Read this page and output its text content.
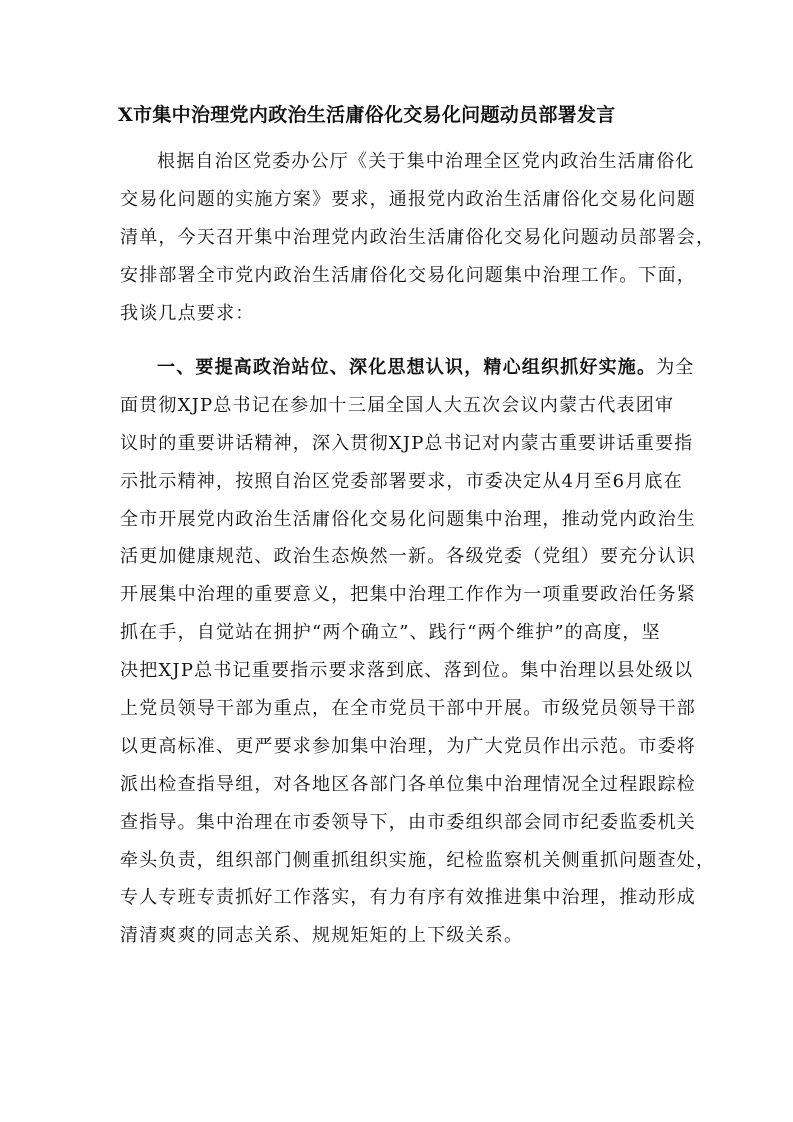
X市集中治理党内政治生活庸俗化交易化问题动员部署发言
根据自治区党委办公厅《关于集中治理全区党内政治生活庸俗化
交易化问题的实施方案》要求，通报党内政治生活庸俗化交易化问题
清单，今天召开集中治理党内政治生活庸俗化交易化问题动员部署会，
安排部署全市党内政治生活庸俗化交易化问题集中治理工作。下面，
我谈几点要求：
一、要提高政治站位、深化思想认识，精心组织抓好实施。为全
面贯彻XJP总书记在参加十三届全国人大五次会议内蒙古代表团审
议时的重要讲话精神，深入贯彻XJP总书记对内蒙古重要讲话重要指
示批示精神，按照自治区党委部署要求，市委决定从4月至6月底在
全市开展党内政治生活庸俗化交易化问题集中治理，推动党内政治生
活更加健康规范、政治生态焕然一新。各级党委（党组）要充分认识
开展集中治理的重要意义，把集中治理工作作为一项重要政治任务紧
抓在手，自觉站在拥护“两个确立”、践行“两个维护”的高度，坚
决把XJP总书记重要指示要求落到底、落到位。集中治理以县处级以
上党员领导干部为重点，在全市党员干部中开展。市级党员领导干部
以更高标准、更严要求参加集中治理，为广大党员作出示范。市委将
派出检查指导组，对各地区各部门各单位集中治理情况全过程跟踪检
查指导。集中治理在市委领导下，由市委组织部会同市纪委监委机关
牵头负责，组织部门侧重抓组织实施，纪检监察机关侧重抓问题查处，
专人专班专责抓好工作落实，有力有序有效推进集中治理，推动形成
清清爽爽的同志关系、规规矩矩的上下级关系。
